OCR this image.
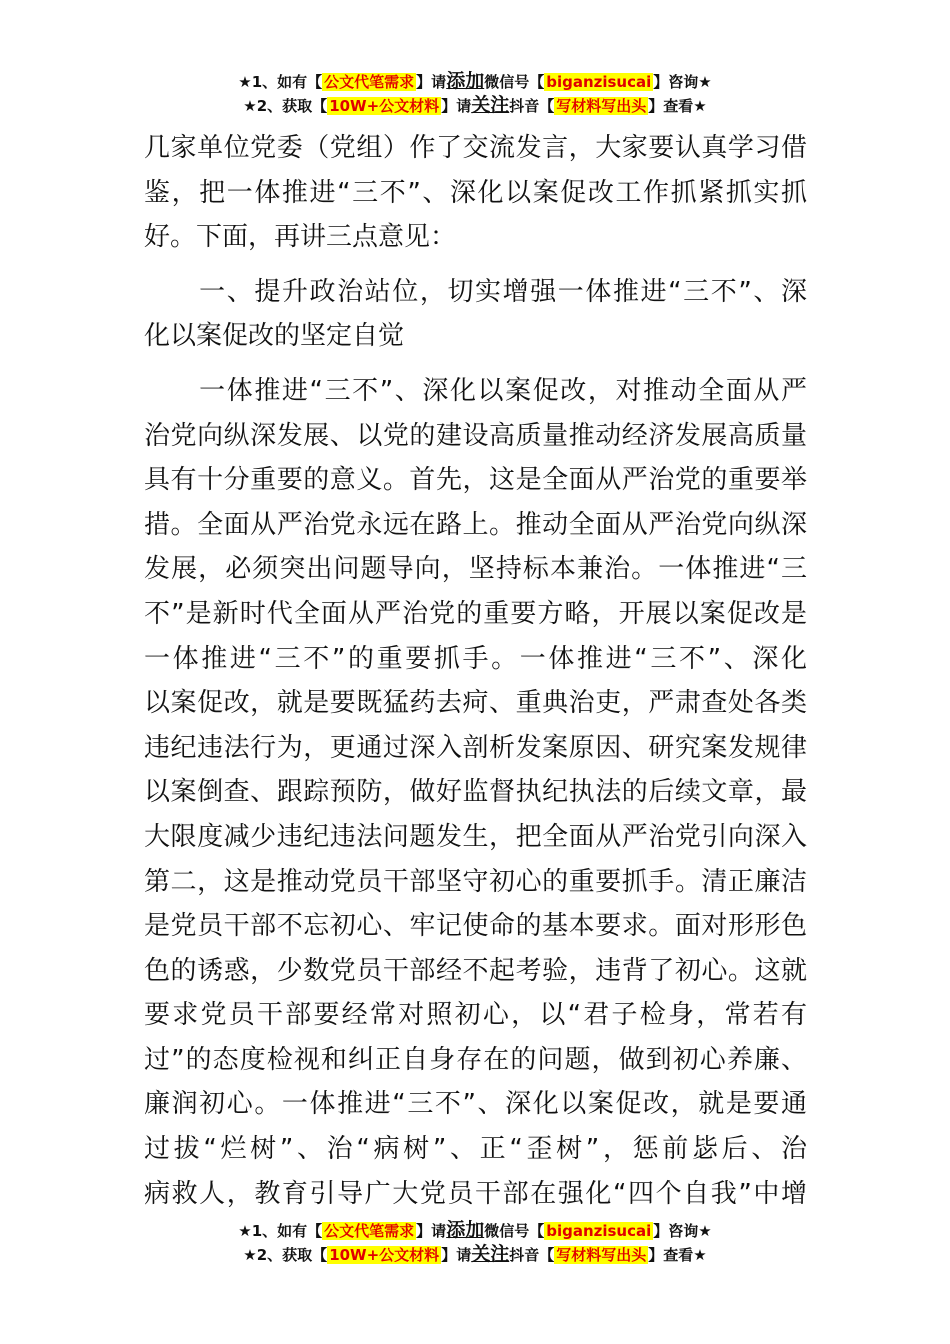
★1、如有【 公文代笔需求 】请添加微信号【 biganzisucai 】咨询★
★2、获取【 10W+公文材料 】请关注抖音【 写材料写出头 】查看★
几家单位党委（党组）作了交流发言，大家要认真学习借
鉴，把一体推进“三不”、深化以案促改工作抓紧抓实抓
好。下面，再讲三点意见：
　　一、提升政治站位，切实增强一体推进“三不”、深
化以案促改的坚定自觉
　　一体推进“三不”、深化以案促改，对推动全面从严
治党向纵深发展、以党的建设高质量推动经济发展高质量
具有十分重要的意义。首先，这是全面从严治党的重要举
措。全面从严治党永远在路上。推动全面从严治党向纵深
发展，必须突出问题导向，坚持标本兼治。一体推进“三
不”是新时代全面从严治党的重要方略，开展以案促改是
一体推进“三不”的重要抓手。一体推进“三不”、深化
以案促改，就是要既猛药去疴、重典治吏，严肃查处各类
违纪违法行为，更通过深入剖析发案原因、研究案发规律
以案倒查、跟踪预防，做好监督执纪执法的后续文章，最
大限度减少违纪违法问题发生，把全面从严治党引向深入
第二，这是推动党员干部坚守初心的重要抓手。清正廉洁
是党员干部不忘初心、牢记使命的基本要求。面对形形色
色的诱惑，少数党员干部经不起考验，违背了初心。这就
要求党员干部要经常对照初心，以“君子检身，常若有
过”的态度检视和纠正自身存在的问题，做到初心养廉、
廉润初心。一体推进“三不”、深化以案促改，就是要通
过拔“烂树”、治“病树”、正“歪树”，惩前毖后、治
病救人，教育引导广大党员干部在强化“四个自我”中增
★1、如有【 公文代笔需求 】请添加微信号【 biganzisucai 】咨询★
★2、获取【 10W+公文材料 】请关注抖音【 写材料写出头 】查看★
